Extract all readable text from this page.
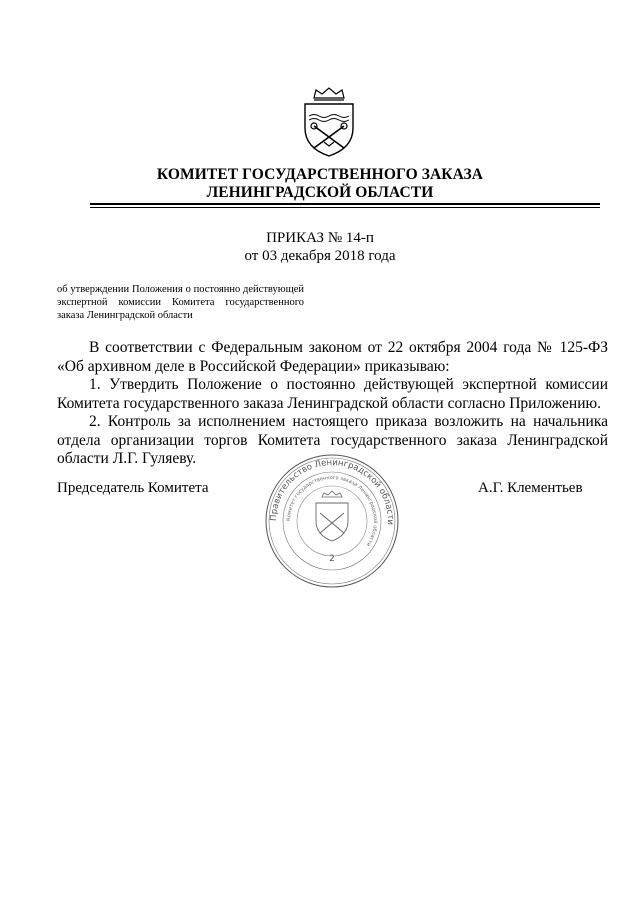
КОМИТЕТ ГОСУДАРСТВЕННОГО ЗАКАЗА
ЛЕНИНГРАДСКОЙ ОБЛАСТИ
ПРИКАЗ № 14-п
от 03 декабря 2018 года
об утверждении Положения о постоянно действующей экспертной комиссии Комитета государственного заказа Ленинградской области

В соответствии с Федеральным законом от 22 октября 2004 года № 125-ФЗ «Об архивном деле в Российской Федерации» приказываю:

1. Утвердить Положение о постоянно действующей экспертной комиссии Комитета государственного заказа Ленинградской области согласно Приложению.

2. Контроль за исполнением настоящего приказа возложить на начальника отдела организации торгов Комитета государственного заказа Ленинградской области Л.Г. Гуляеву.

Председатель Комитета	А.Г. Клементьев
Правительство Ленинградской области
Комитет государственного заказа Ленинградской области
2
